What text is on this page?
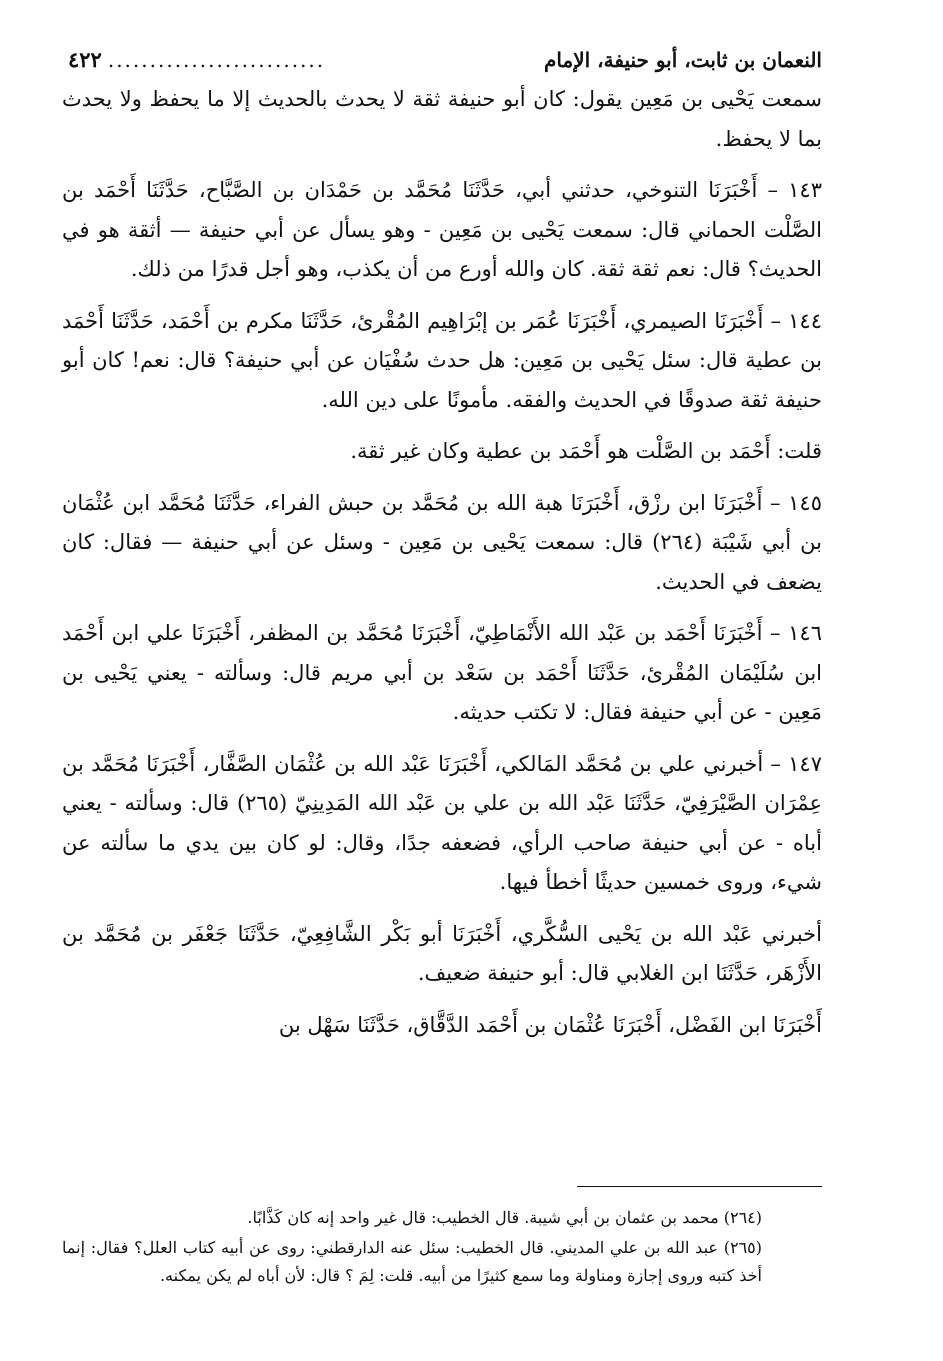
النعمان بن ثابت، أبو حنيفة، الإمام
..........................
٤٢٢

سمعت يَحْيى بن مَعِين يقول: كان أبو حنيفة ثقة لا يحدث بالحديث إلا ما يحفظ ولا يحدث بما لا يحفظ.

١٤٣ – أَخْبَرَنَا التنوخي، حدثني أبي، حَدَّثَنَا مُحَمَّد بن حَمْدَان بن الصَّبَّاح، حَدَّثَنَا أَحْمَد بن الصَّلْت الحماني قال: سمعت يَحْيى بن مَعِين - وهو يسأل عن أبي حنيفة — أثقة هو في الحديث؟ قال: نعم ثقة ثقة. كان والله أورع من أن يكذب، وهو أجل قدرًا من ذلك.

١٤٤ – أَخْبَرَنَا الصيمري، أَخْبَرَنَا عُمَر بن إبْرَاهِيم المُقْرئ، حَدَّثَنَا مكرم بن أَحْمَد، حَدَّثَنَا أَحْمَد بن عطية قال: سئل يَحْيى بن مَعِين: هل حدث سُفْيَان عن أبي حنيفة؟ قال: نعم! كان أبو حنيفة ثقة صدوقًا في الحديث والفقه. مأمونًا على دين الله.

قلت: أَحْمَد بن الصَّلْت هو أَحْمَد بن عطية وكان غير ثقة.

١٤٥ – أَخْبَرَنَا ابن رزْق، أَخْبَرَنَا هبة الله بن مُحَمَّد بن حبش الفراء، حَدَّثَنَا مُحَمَّد ابن عُثْمَان بن أبي شَيْبَة (٢٦٤) قال: سمعت يَحْيى بن مَعِين - وسئل عن أبي حنيفة — فقال: كان يضعف في الحديث.

١٤٦ – أَخْبَرَنَا أَحْمَد بن عَبْد الله الأَنْمَاطِيّ، أَخْبَرَنَا مُحَمَّد بن المظفر، أَخْبَرَنَا علي ابن أَحْمَد ابن سُلَيْمَان المُقْرئ، حَدَّثَنَا أَحْمَد بن سَعْد بن أبي مريم قال: وسألته - يعني يَحْيى بن مَعِين - عن أبي حنيفة فقال: لا تكتب حديثه.

١٤٧ – أخبرني علي بن مُحَمَّد المَالكي، أَخْبَرَنَا عَبْد الله بن عُثْمَان الصَّفَّار، أَخْبَرَنَا مُحَمَّد بن عِمْرَان الصَّيْرَفِيّ، حَدَّثَنَا عَبْد الله بن علي بن عَبْد الله المَدِينِيّ (٢٦٥) قال: وسألته - يعني أباه - عن أبي حنيفة صاحب الرأي، فضعفه جدًا، وقال: لو كان بين يدي ما سألته عن شيء، وروى خمسين حديثًا أخطأ فيها.

أخبرني عَبْد الله بن يَحْيى السُّكَّري، أَخْبَرَنَا أبو بَكْر الشَّافِعِيّ، حَدَّثَنَا جَعْفَر بن مُحَمَّد بن الأَزْهَر، حَدَّثَنَا ابن الغلابي قال: أبو حنيفة ضعيف.

أَخْبَرَنَا ابن الفَضْل، أَخْبَرَنَا عُثْمَان بن أَحْمَد الدَّقَّاق، حَدَّثَنَا سَهْل بن

(٢٦٤) محمد بن عثمان بن أبي شيبة. قال الخطيب: قال غير واحد إنه كان كَذَّابًا.

(٢٦٥) عبد الله بن علي المديني. قال الخطيب: سئل عنه الدارقطني: روى عن أبيه كتاب العلل؟ فقال: إنما أخذ كتبه وروى إجازة ومناولة وما سمع كثيرًا من أبيه. قلت: لِمَ ؟ قال: لأن أباه لم يكن يمكنه.
